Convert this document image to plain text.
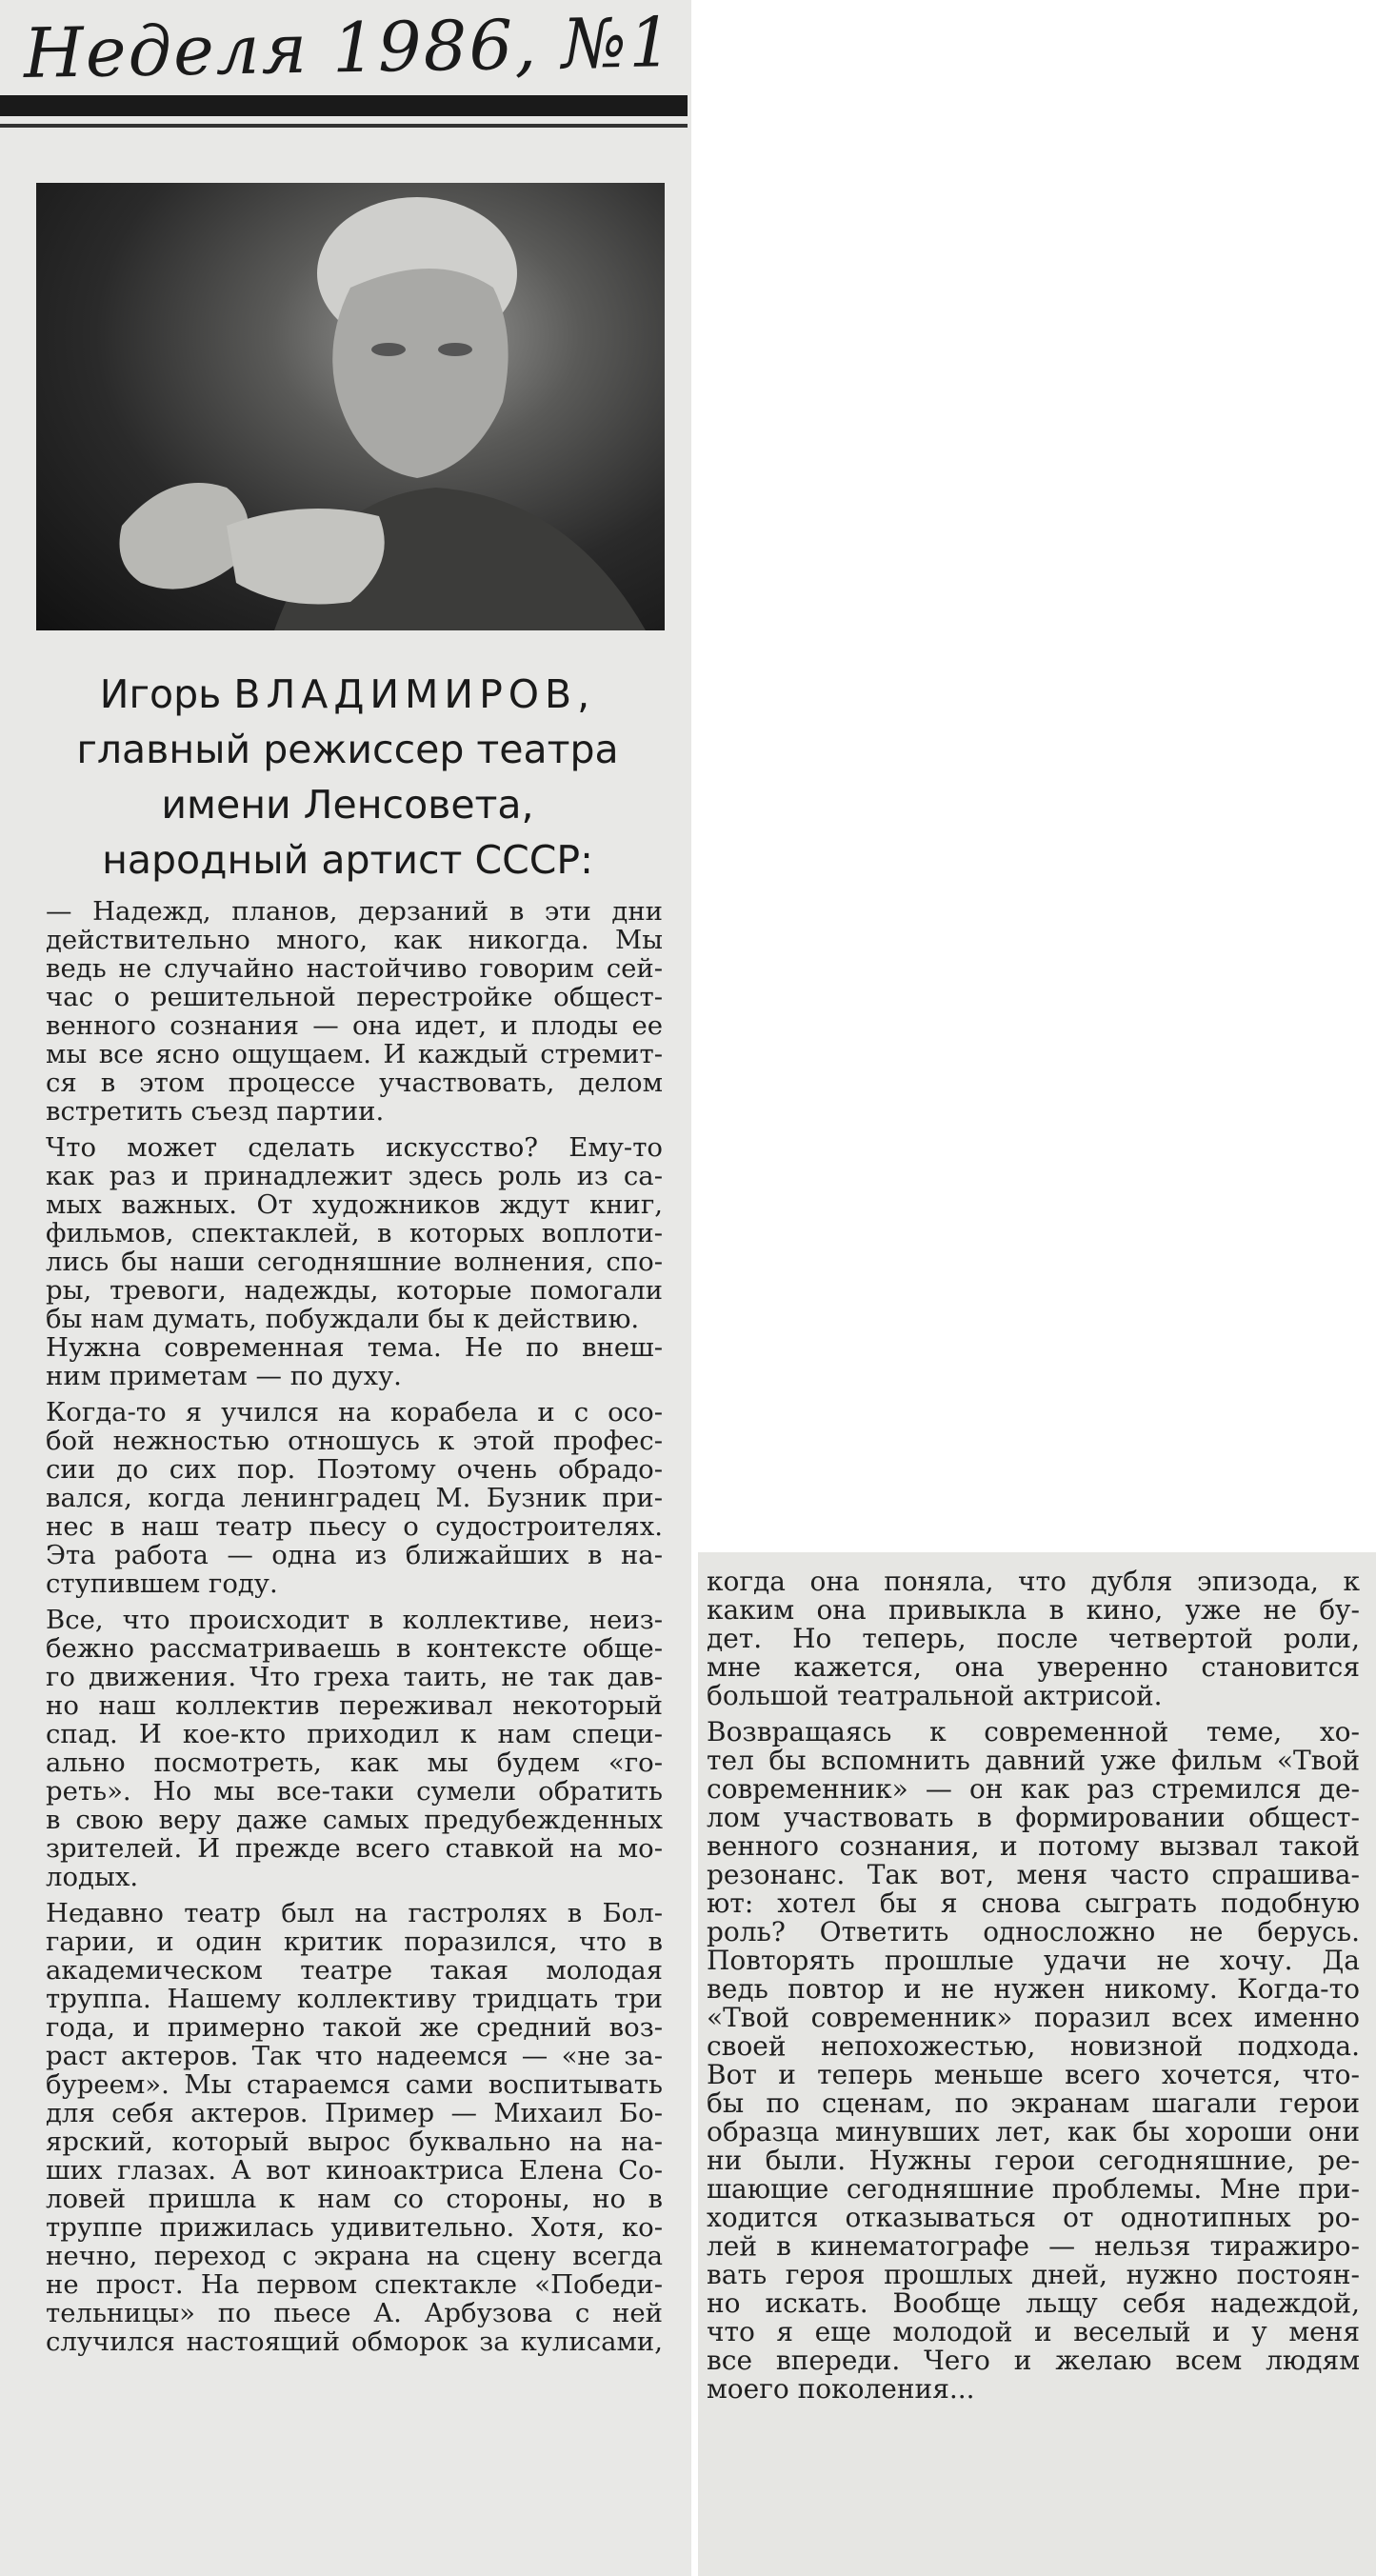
Неделя 1986, №1
Игорь ВЛАДИМИРОВ,
главный режиссер театра
имени Ленсовета,
народный артист СССР:
— Надежд, планов, дерзаний в эти дни
действительно много, как никогда. Мы
ведь не случайно настойчиво говорим сей-
час о решительной перестройке общест-
венного сознания — она идет, и плоды ее
мы все ясно ощущаем. И каждый стремит-
ся в этом процессе участвовать, делом
встретить съезд партии.
Что может сделать искусство? Ему-то
как раз и принадлежит здесь роль из са-
мых важных. От художников ждут книг,
фильмов, спектаклей, в которых воплоти-
лись бы наши сегодняшние волнения, спо-
ры, тревоги, надежды, которые помогали
бы нам думать, побуждали бы к действию.
Нужна современная тема. Не по внеш-
ним приметам — по духу.
Когда-то я учился на корабела и с осо-
бой нежностью отношусь к этой профес-
сии до сих пор. Поэтому очень обрадо-
вался, когда ленинградец М. Бузник при-
нес в наш театр пьесу о судостроителях.
Эта работа — одна из ближайших в на-
ступившем году.
Все, что происходит в коллективе, неиз-
бежно рассматриваешь в контексте обще-
го движения. Что греха таить, не так дав-
но наш коллектив переживал некоторый
спад. И кое-кто приходил к нам специ-
ально посмотреть, как мы будем «го-
реть». Но мы все-таки сумели обратить
в свою веру даже самых предубежденных
зрителей. И прежде всего ставкой на мо-
лодых.
Недавно театр был на гастролях в Бол-
гарии, и один критик поразился, что в
академическом театре такая молодая
труппа. Нашему коллективу тридцать три
года, и примерно такой же средний воз-
раст актеров. Так что надеемся — «не за-
буреем». Мы стараемся сами воспитывать
для себя актеров. Пример — Михаил Бо-
ярский, который вырос буквально на на-
ших глазах. А вот киноактриса Елена Со-
ловей пришла к нам со стороны, но в
труппе прижилась удивительно. Хотя, ко-
нечно, переход с экрана на сцену всегда
не прост. На первом спектакле «Победи-
тельницы» по пьесе А. Арбузова с ней
случился настоящий обморок за кулисами,
когда она поняла, что дубля эпизода, к
каким она привыкла в кино, уже не бу-
дет. Но теперь, после четвертой роли,
мне кажется, она уверенно становится
большой театральной актрисой.
Возвращаясь к современной теме, хо-
тел бы вспомнить давний уже фильм «Твой
современник» — он как раз стремился де-
лом участвовать в формировании общест-
венного сознания, и потому вызвал такой
резонанс. Так вот, меня часто спрашива-
ют: хотел бы я снова сыграть подобную
роль? Ответить односложно не берусь.
Повторять прошлые удачи не хочу. Да
ведь повтор и не нужен никому. Когда-то
«Твой современник» поразил всех именно
своей непохожестью, новизной подхода.
Вот и теперь меньше всего хочется, что-
бы по сценам, по экранам шагали герои
образца минувших лет, как бы хороши они
ни были. Нужны герои сегодняшние, ре-
шающие сегодняшние проблемы. Мне при-
ходится отказываться от однотипных ро-
лей в кинематографе — нельзя тиражиро-
вать героя прошлых дней, нужно постоян-
но искать. Вообще льщу себя надеждой,
что я еще молодой и веселый и у меня
все впереди. Чего и желаю всем людям
моего поколения...
